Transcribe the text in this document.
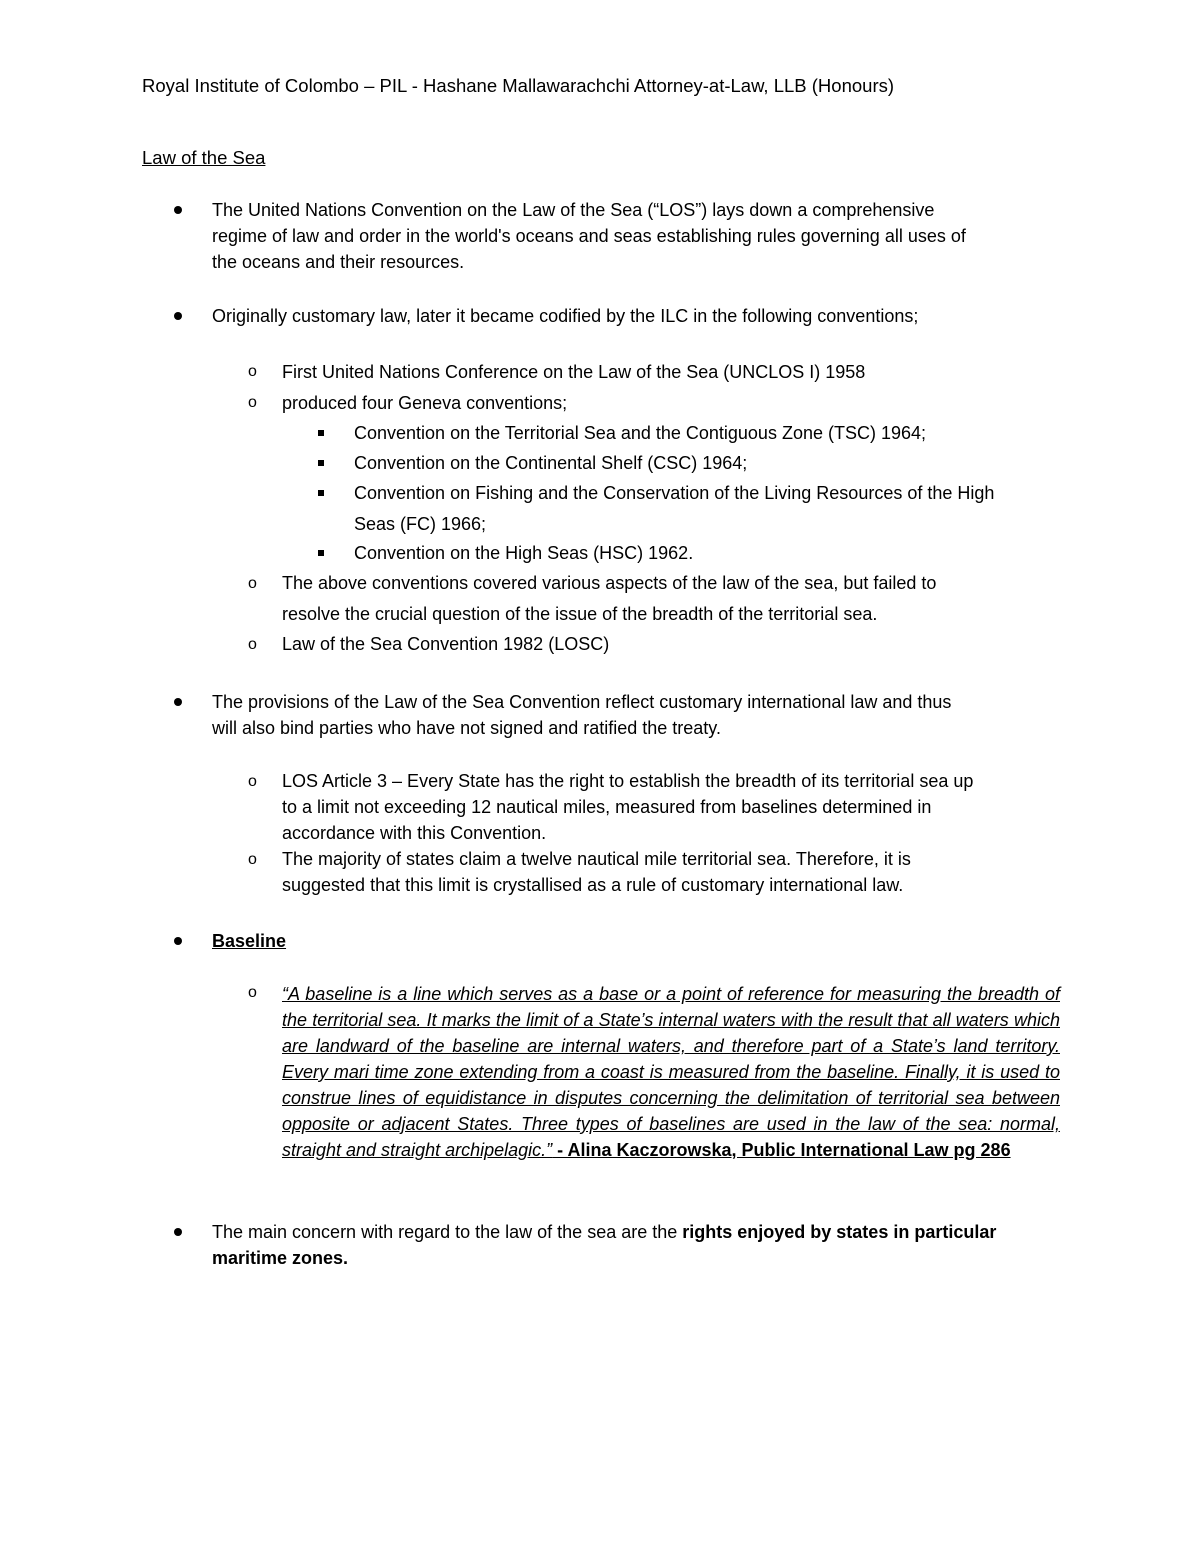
Royal Institute of Colombo – PIL - Hashane Mallawarachchi Attorney-at-Law, LLB (Honours)
Law of the Sea
The United Nations Convention on the Law of the Sea (“LOS”) lays down a comprehensive
regime of law and order in the world's oceans and seas establishing rules governing all uses of
the oceans and their resources.
Originally customary law, later it became codified by the ILC in the following conventions;
o First United Nations Conference on the Law of the Sea (UNCLOS I) 1958
o produced four Geneva conventions;
Convention on the Territorial Sea and the Contiguous Zone (TSC) 1964;
Convention on the Continental Shelf (CSC) 1964;
Convention on Fishing and the Conservation of the Living Resources of the High
Seas (FC) 1966;
Convention on the High Seas (HSC) 1962.
o The above conventions covered various aspects of the law of the sea, but failed to
resolve the crucial question of the issue of the breadth of the territorial sea.
o Law of the Sea Convention 1982 (LOSC)
The provisions of the Law of the Sea Convention reflect customary international law and thus
will also bind parties who have not signed and ratified the treaty.
o LOS Article 3 – Every State has the right to establish the breadth of its territorial sea up
to a limit not exceeding 12 nautical miles, measured from baselines determined in
accordance with this Convention.
o The majority of states claim a twelve nautical mile territorial sea. Therefore, it is
suggested that this limit is crystallised as a rule of customary international law.
Baseline
o “A baseline is a line which serves as a base or a point of reference for measuring the breadth of the territorial sea. It marks the limit of a State’s internal waters with the result that all waters which are landward of the baseline are internal waters, and therefore part of a State’s land territory. Every mari time zone extending from a coast is measured from the baseline. Finally, it is used to construe lines of equidistance in disputes concerning the delimitation of territorial sea between opposite or adjacent States. Three types of baselines are used in the law of the sea: normal, straight and straight archipelagic.” - Alina Kaczorowska, Public International Law pg 286
The main concern with regard to the law of the sea are the rights enjoyed by states in particular
maritime zones.
